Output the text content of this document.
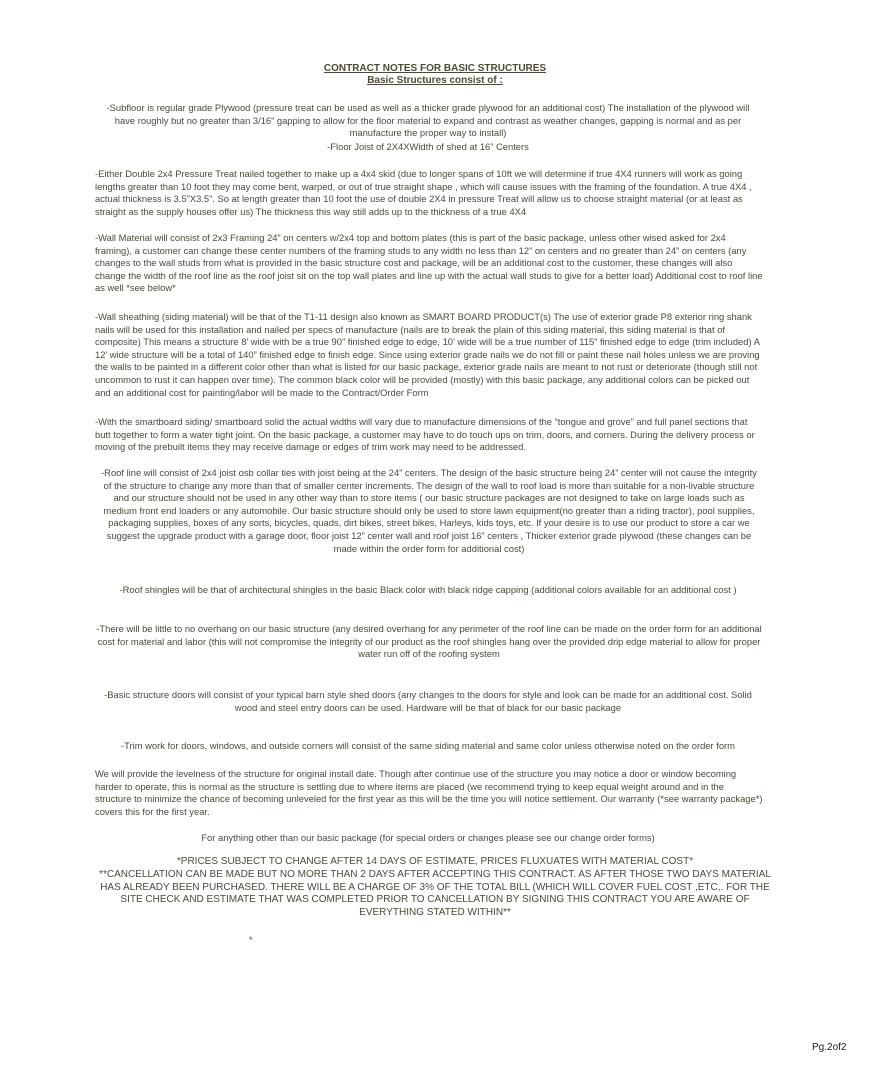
CONTRACT NOTES FOR BASIC STRUCTURES
Basic Structures consist of :

-Subfloor is regular grade Plywood (pressure treat can be used as well as a thicker grade plywood for an additional cost) The installation of the plywood will have roughly but no greater than 3/16” gapping to allow for the floor material to expand and contrast as weather changes, gapping is normal and as per manufacture the proper way to install)

-Floor Joist of 2X4XWidth of shed at 16” Centers

-Either Double 2x4 Pressure Treat nailed together to make up a 4x4 skid (due to longer spans of 10ft we will determine if true 4X4 runners will work as going lengths greater than 10 foot they may come bent, warped, or out of true straight shape , which will cause issues with the framing of the foundation. A true 4X4 , actual thickness is 3.5”X3.5”. So at length greater than 10 foot the use of double 2X4 in pressure Treat will allow us to choose straight material (or at least as straight as the supply houses offer us) The thickness this way still adds up to the thickness of a true 4X4

-Wall Material will consist of 2x3 Framing 24” on centers w/2x4 top and bottom plates (this is part of the basic package, unless other wised asked for 2x4 framing), a customer can change these center numbers of the framing studs to any width no less than 12” on centers and no greater than 24” on centers (any changes to the wall studs from what is provided in the basic structure cost and package, will be an additional cost to the customer, these changes will also change the width of the roof line as the roof joist sit on the top wall plates and line up with the actual wall studs to give for a better load) Additional cost to roof line as well *see below*

-Wall sheathing (siding material) will be that of the T1-11 design also known as SMART BOARD PRODUCT(s) The use of exterior grade P8 exterior ring shank nails will be used for this installation and nailed per specs of manufacture (nails are to break the plain of this siding material, this siding material is that of composite) This means a structure 8’ wide with be a true 90” finished edge to edge, 10’ wide will be a true number of 115” finished edge to edge (trim included) A 12’ wide structure will be a total of 140” finished edge to finish edge. Since using exterior grade nails we do not fill or paint these nail holes unless we are proving the walls to be painted in a different color other than what is listed for our basic package, exterior grade nails are meant to not rust or deteriorate (though still not uncommon to rust it can happen over time). The common black color will be provided (mostly) with this basic package, any additional colors can be picked out and an additional cost for painting/labor will be made to the Contract/Order Form

-With the smartboard siding/ smartboard solid the actual widths will vary due to manufacture dimensions of the “tongue and grove” and full panel sections that butt together to form a water tight joint. On the basic package, a customer may have to do touch ups on trim, doors, and corners. During the delivery process or moving of the prebuilt items they may receive damage or edges of trim work may need to be addressed.

-Roof line will consist of 2x4 joist osb collar ties with joist being at the 24” centers. The design of the basic structure being 24” center will not cause the integrity of the structure to change any more than that of smaller center increments. The design of the wall to roof load is more than suitable for a non-livable structure and our structure should not be used in any other way than to store items ( our basic structure packages are not designed to take on large loads such as medium front end loaders or any automobile. Our basic structure should only be used to store lawn equipment(no greater than a riding tractor), pool supplies, packaging supplies, boxes of any sorts, bicycles, quads, dirt bikes, street bikes, Harleys, kids toys, etc. If your desire is to use our product to store a car we suggest the upgrade product with a garage door, floor joist 12” center wall and roof joist 16” centers , Thicker exterior grade plywood (these changes can be made within the order form for additional cost)

-Roof shingles will be that of architectural shingles in the basic Black color with black ridge capping (additional colors available for an additional cost )

-There will be little to no overhang on our basic structure (any desired overhang for any perimeter of the roof line can be made on the order form for an additional cost for material and labor (this will not compromise the integrity of our product as the roof shingles hang over the provided drip edge material to allow for proper water run off of the roofing system

-Basic structure doors will consist of your typical barn style shed doors (any changes to the doors for style and look can be made for an additional cost. Solid wood and steel entry doors can be used. Hardware will be that of black for our basic package

-Trim work for doors, windows, and outside corners will consist of the same siding material and same color unless otherwise noted on the order form

We will provide the levelness of the structure for original install date. Though after continue use of the structure you may notice a door or window becoming harder to operate, this is normal as the structure is settling due to where items are placed (we recommend trying to keep equal weight around and in the structure to minimize the chance of becoming unleveled for the first year as this will be the time you will notice settlement. Our warranty (*see warranty package*) covers this for the first year.

For anything other than our basic package (for special orders or changes please see our change order forms)

*PRICES SUBJECT TO CHANGE AFTER 14 DAYS OF ESTIMATE, PRICES FLUXUATES WITH MATERIAL COST*
**CANCELLATION CAN BE MADE BUT NO MORE THAN 2 DAYS AFTER ACCEPTING THIS CONTRACT. AS AFTER THOSE TWO DAYS MATERIAL HAS ALREADY BEEN PURCHASED. THERE WILL BE A CHARGE OF 3% OF THE TOTAL BILL (WHICH WILL COVER FUEL COST ,ETC,. FOR THE SITE CHECK AND ESTIMATE THAT WAS COMPLETED PRIOR TO CANCELLATION BY SIGNING THIS CONTRACT YOU ARE AWARE OF EVERYTHING STATED WITHIN**
*
Pg.2of2
